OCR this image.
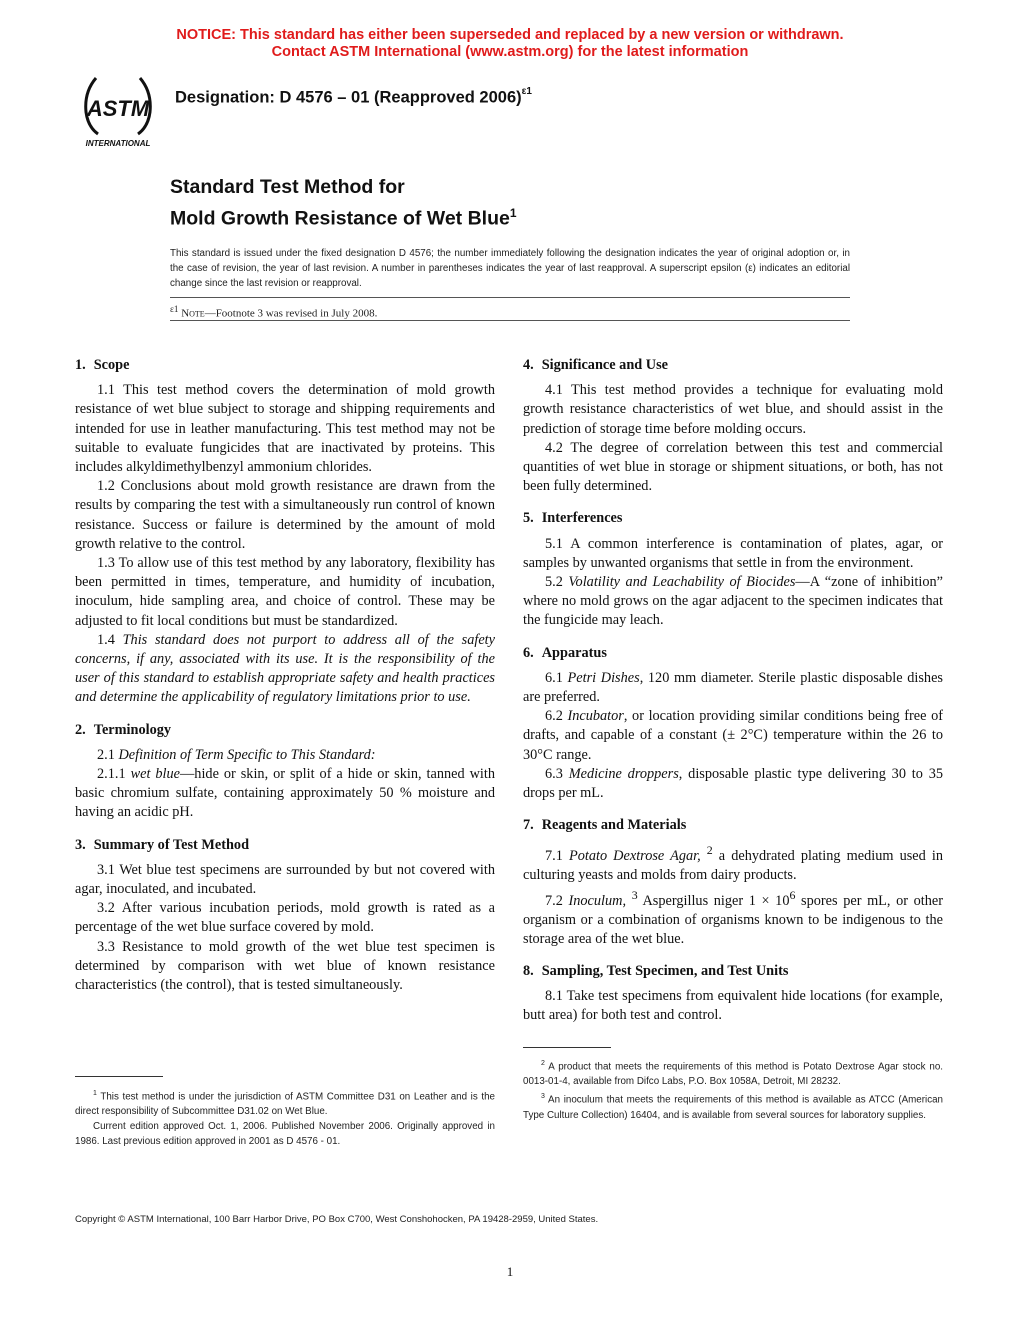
NOTICE: This standard has either been superseded and replaced by a new version or withdrawn.
Contact ASTM International (www.astm.org) for the latest information
ASTM
INTERNATIONAL
Designation: D 4576 – 01 (Reapproved 2006)$^{\varepsilon 1}$
Standard Test Method for
Mold Growth Resistance of Wet Blue$^1$
This standard is issued under the fixed designation D 4576; the number immediately following the designation indicates the year of original adoption or, in the case of revision, the year of last revision. A number in parentheses indicates the year of last reapproval. A superscript epsilon (ε) indicates an editorial change since the last revision or reapproval.
$^{\varepsilon 1}$ Note—Footnote 3 was revised in July 2008.
1. Scope

1.1 This test method covers the determination of mold growth resistance of wet blue subject to storage and shipping requirements and intended for use in leather manufacturing. This test method may not be suitable to evaluate fungicides that are inactivated by proteins. This includes alkyldimethylbenzyl ammonium chlorides.

1.2 Conclusions about mold growth resistance are drawn from the results by comparing the test with a simultaneously run control of known resistance. Success or failure is determined by the amount of mold growth relative to the control.

1.3 To allow use of this test method by any laboratory, flexibility has been permitted in times, temperature, and humidity of incubation, inoculum, hide sampling area, and choice of control. These may be adjusted to fit local conditions but must be standardized.

1.4 This standard does not purport to address all of the safety concerns, if any, associated with its use. It is the responsibility of the user of this standard to establish appropriate safety and health practices and determine the applicability of regulatory limitations prior to use.

2. Terminology

2.1 Definition of Term Specific to This Standard:

2.1.1 wet blue—hide or skin, or split of a hide or skin, tanned with basic chromium sulfate, containing approximately 50 % moisture and having an acidic pH.

3. Summary of Test Method

3.1 Wet blue test specimens are surrounded by but not covered with agar, inoculated, and incubated.

3.2 After various incubation periods, mold growth is rated as a percentage of the wet blue surface covered by mold.

3.3 Resistance to mold growth of the wet blue test specimen is determined by comparison with wet blue of known resistance characteristics (the control), that is tested simultaneously.

4. Significance and Use

4.1 This test method provides a technique for evaluating mold growth resistance characteristics of wet blue, and should assist in the prediction of storage time before molding occurs.

4.2 The degree of correlation between this test and commercial quantities of wet blue in storage or shipment situations, or both, has not been fully determined.

5. Interferences

5.1 A common interference is contamination of plates, agar, or samples by unwanted organisms that settle in from the environment.

5.2 Volatility and Leachability of Biocides—A “zone of inhibition” where no mold grows on the agar adjacent to the specimen indicates that the fungicide may leach.

6. Apparatus

6.1 Petri Dishes, 120 mm diameter. Sterile plastic disposable dishes are preferred.

6.2 Incubator, or location providing similar conditions being free of drafts, and capable of a constant (± 2°C) temperature within the 26 to 30°C range.

6.3 Medicine droppers, disposable plastic type delivering 30 to 35 drops per mL.

7. Reagents and Materials

7.1 Potato Dextrose Agar, $^2$ a dehydrated plating medium used in culturing yeasts and molds from dairy products.

7.2 Inoculum, $^3$ Aspergillus niger $1 \times 10^6$ spores per mL, or other organism or a combination of organisms known to be indigenous to the storage area of the wet blue.

8. Sampling, Test Specimen, and Test Units

8.1 Take test specimens from equivalent hide locations (for example, butt area) for both test and control.

$^1$ This test method is under the jurisdiction of ASTM Committee D31 on Leather and is the direct responsibility of Subcommittee D31.02 on Wet Blue.

Current edition approved Oct. 1, 2006. Published November 2006. Originally approved in 1986. Last previous edition approved in 2001 as D 4576 - 01.

$^2$ A product that meets the requirements of this method is Potato Dextrose Agar stock no. 0013-01-4, available from Difco Labs, P.O. Box 1058A, Detroit, MI 28232.

$^3$ An inoculum that meets the requirements of this method is available as ATCC (American Type Culture Collection) 16404, and is available from several sources for laboratory supplies.

Copyright © ASTM International, 100 Barr Harbor Drive, PO Box C700, West Conshohocken, PA 19428-2959, United States.
1
